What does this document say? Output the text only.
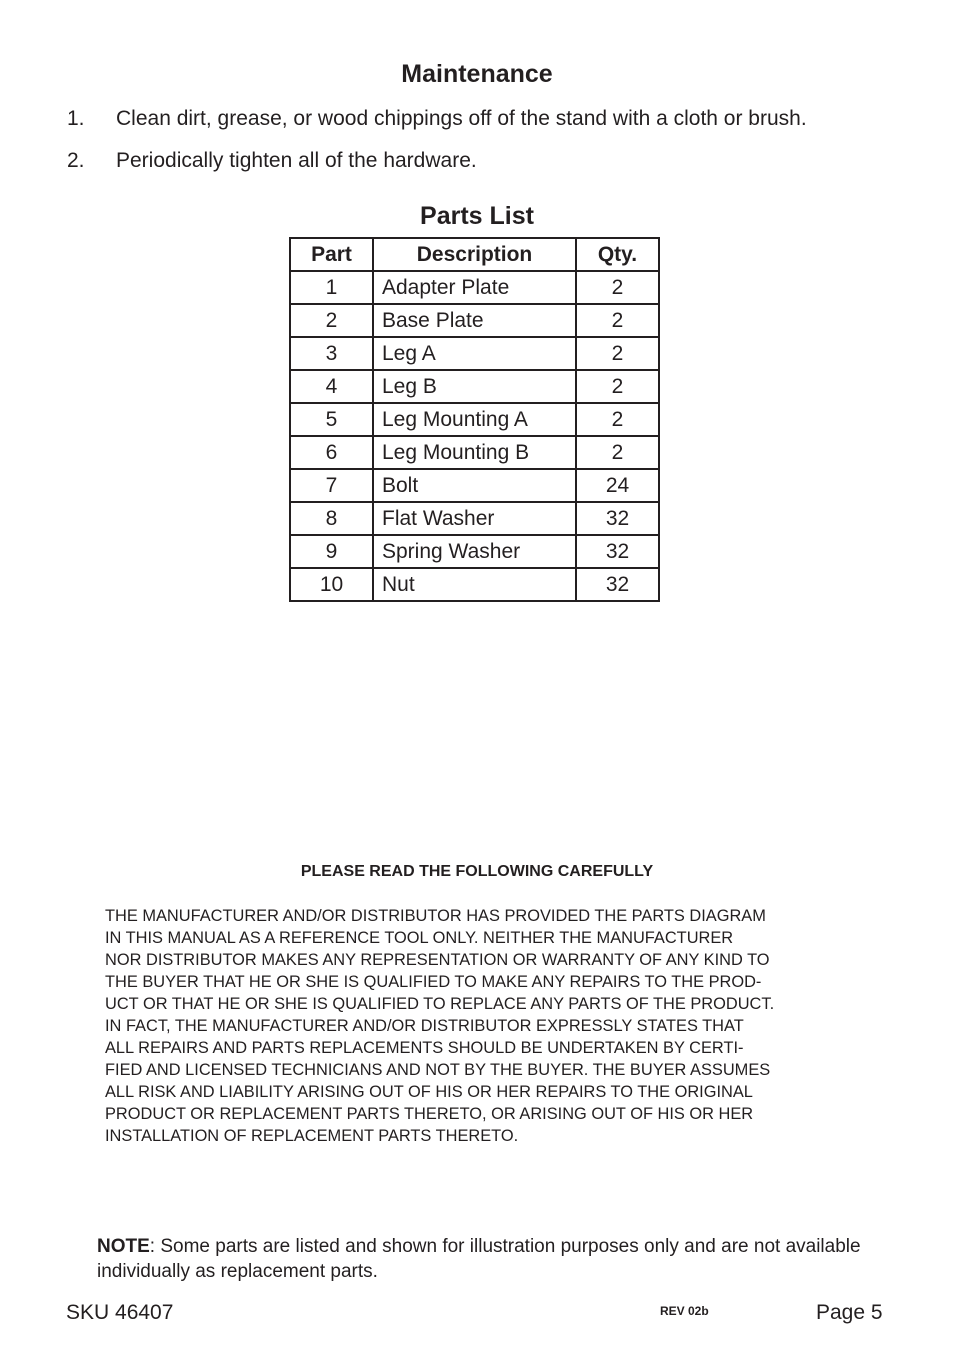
Maintenance
1. Clean dirt, grease, or wood chippings off of the stand with a cloth or brush.
2. Periodically tighten all of the hardware.
Parts List
Part	Description	Qty.
1	Adapter Plate	2
2	Base Plate	2
3	Leg A	2
4	Leg B	2
5	Leg Mounting A	2
6	Leg Mounting B	2
7	Bolt	24
8	Flat Washer	32
9	Spring Washer	32
10	Nut	32
PLEASE READ THE FOLLOWING CAREFULLY
THE MANUFACTURER AND/OR DISTRIBUTOR HAS PROVIDED THE PARTS DIAGRAM
IN THIS MANUAL AS A REFERENCE TOOL ONLY. NEITHER THE MANUFACTURER
NOR DISTRIBUTOR MAKES ANY REPRESENTATION OR WARRANTY OF ANY KIND TO
THE BUYER THAT HE OR SHE IS QUALIFIED TO MAKE ANY REPAIRS TO THE PROD-
UCT OR THAT HE OR SHE IS QUALIFIED TO REPLACE ANY PARTS OF THE PRODUCT.
IN FACT, THE MANUFACTURER AND/OR DISTRIBUTOR EXPRESSLY STATES THAT
ALL REPAIRS AND PARTS REPLACEMENTS SHOULD BE UNDERTAKEN BY CERTI-
FIED AND LICENSED TECHNICIANS AND NOT BY THE BUYER. THE BUYER ASSUMES
ALL RISK AND LIABILITY ARISING OUT OF HIS OR HER REPAIRS TO THE ORIGINAL
PRODUCT OR REPLACEMENT PARTS THERETO, OR ARISING OUT OF HIS OR HER
INSTALLATION OF REPLACEMENT PARTS THERETO.
NOTE: Some parts are listed and shown for illustration purposes only and are not available individually as replacement parts.
SKU 46407	REV 02b	Page 5
